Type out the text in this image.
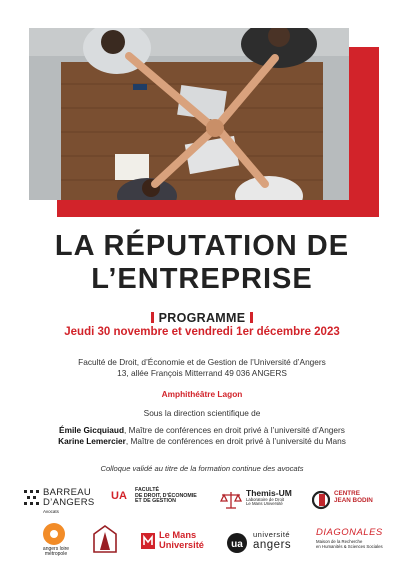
LA RÉPUTATION DE
L’ENTREPRISE
PROGRAMME
Jeudi 30 novembre et vendredi 1er décembre 2023
Faculté de Droit, d’Économie et de Gestion de l’Université d’Angers
13, allée François Mitterrand 49 036 ANGERS
Amphithéâtre Lagon
Sous la direction scientifique de
Émile Gicquiaud, Maître de conférences en droit privé à l’université d’Angers
Karine Lemercier, Maître de conférences en droit privé à l’université du Mans
Colloque validé au titre de la formation continue des avocats
BARREAU
D’ANGERS
Avocats
UA FACULTÉ
DE DROIT, D’ÉCONOMIE
ET DE GESTION
Themis-UM
Laboratoire de Droit
Le Mans Université
CENTRE
JEAN BODIN
angers loire
métropole
Le Mans
Université	ua
université
angers
DIAGONALES
Maison de la Recherche
en Humanités & Sciences Sociales
